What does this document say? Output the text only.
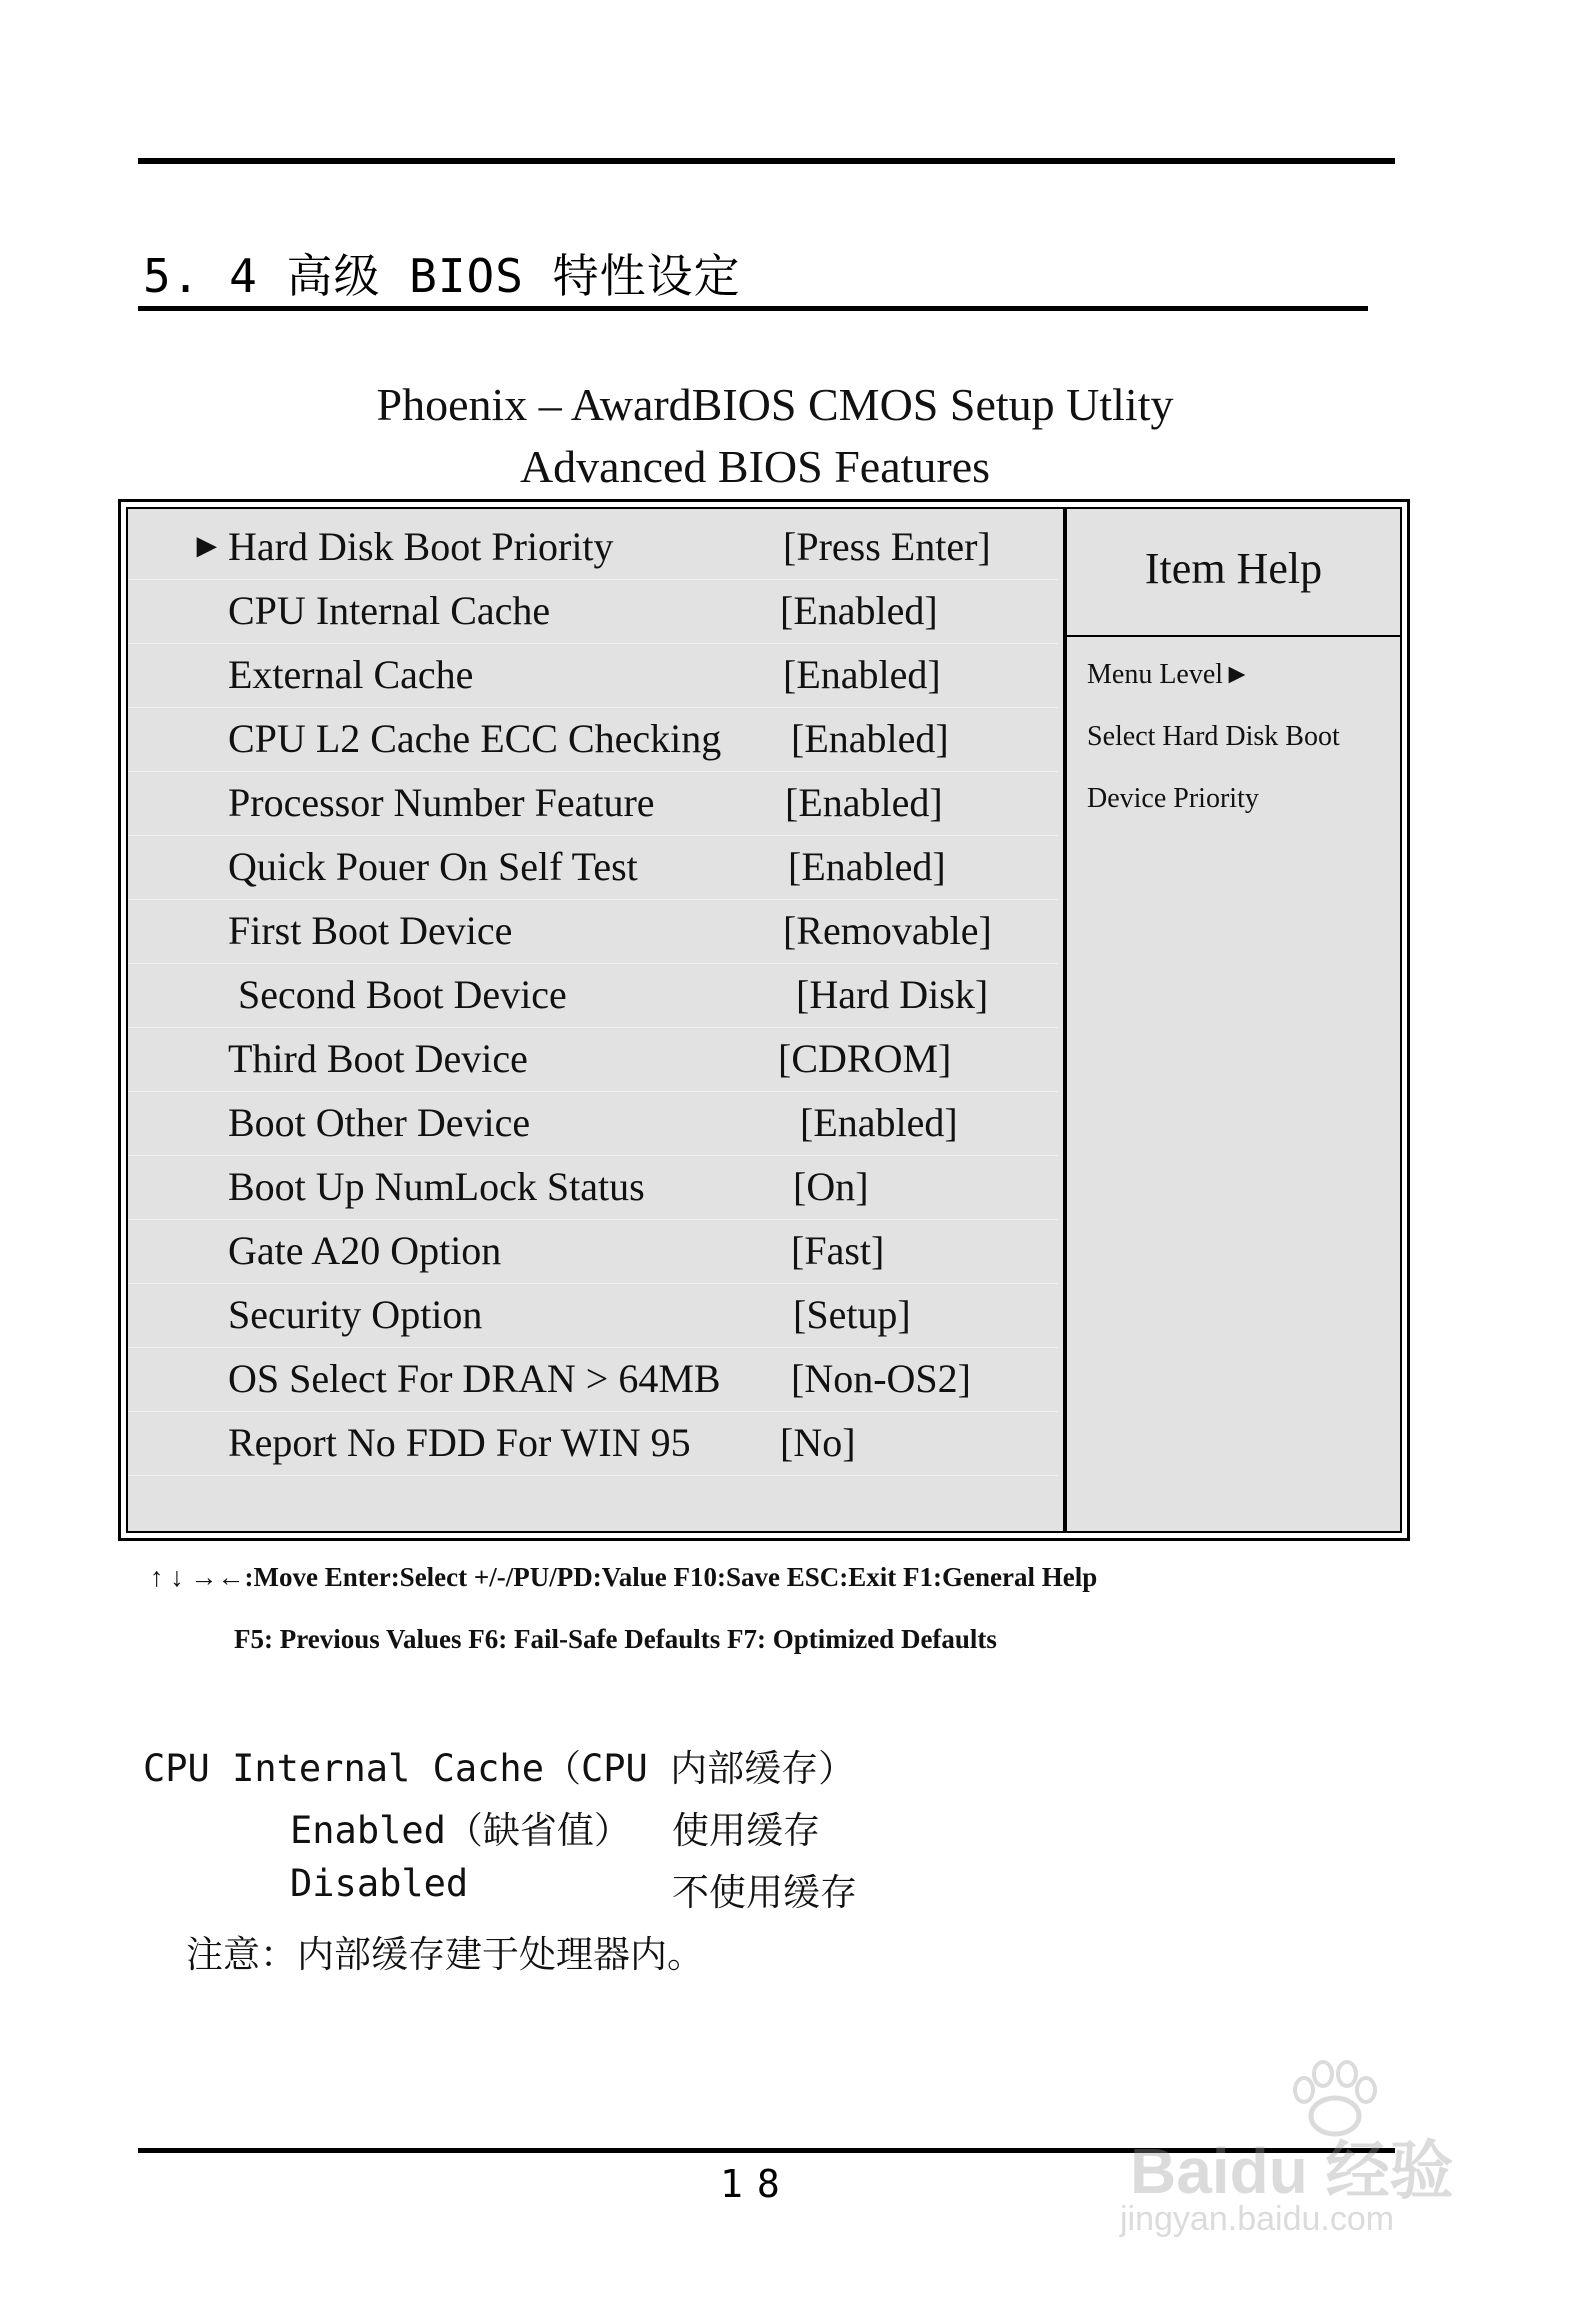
5. 4 高级 BIOS 特性设定
Phoenix – AwardBIOS CMOS Setup Utlity
Advanced BIOS Features
► Hard Disk Boot Priority	[Press Enter]
CPU Internal Cache	[Enabled]
External Cache	[Enabled]
CPU L2 Cache ECC Checking [Enabled]
Processor Number Feature	[Enabled]
Quick Pouer On Self Test	[Enabled]
First Boot Device	[Removable]
Second Boot Device	[Hard Disk]
Third Boot Device	[CDROM]
Boot Other Device	[Enabled]
Boot Up NumLock Status	[On]
Gate A20 Option	[Fast]
Security Option	[Setup]
OS Select For DRAN > 64MB [Non-OS2]
Report No FDD For WIN 95 [No]
Item Help
Menu Level►
Select Hard Disk Boot
Device Priority
↑ ↓ →←:Move Enter:Select +/-/PU/PD:Value F10:Save ESC:Exit F1:General Help
F5: Previous Values F6: Fail-Safe Defaults F7: Optimized Defaults
CPU Internal Cache（CPU 内部缓存）
Enabled（缺省值） 使用缓存
Disabled	不使用缓存
注意：内部缓存建于处理器内。
18	Baidu 经验
jingyan.baidu.com
